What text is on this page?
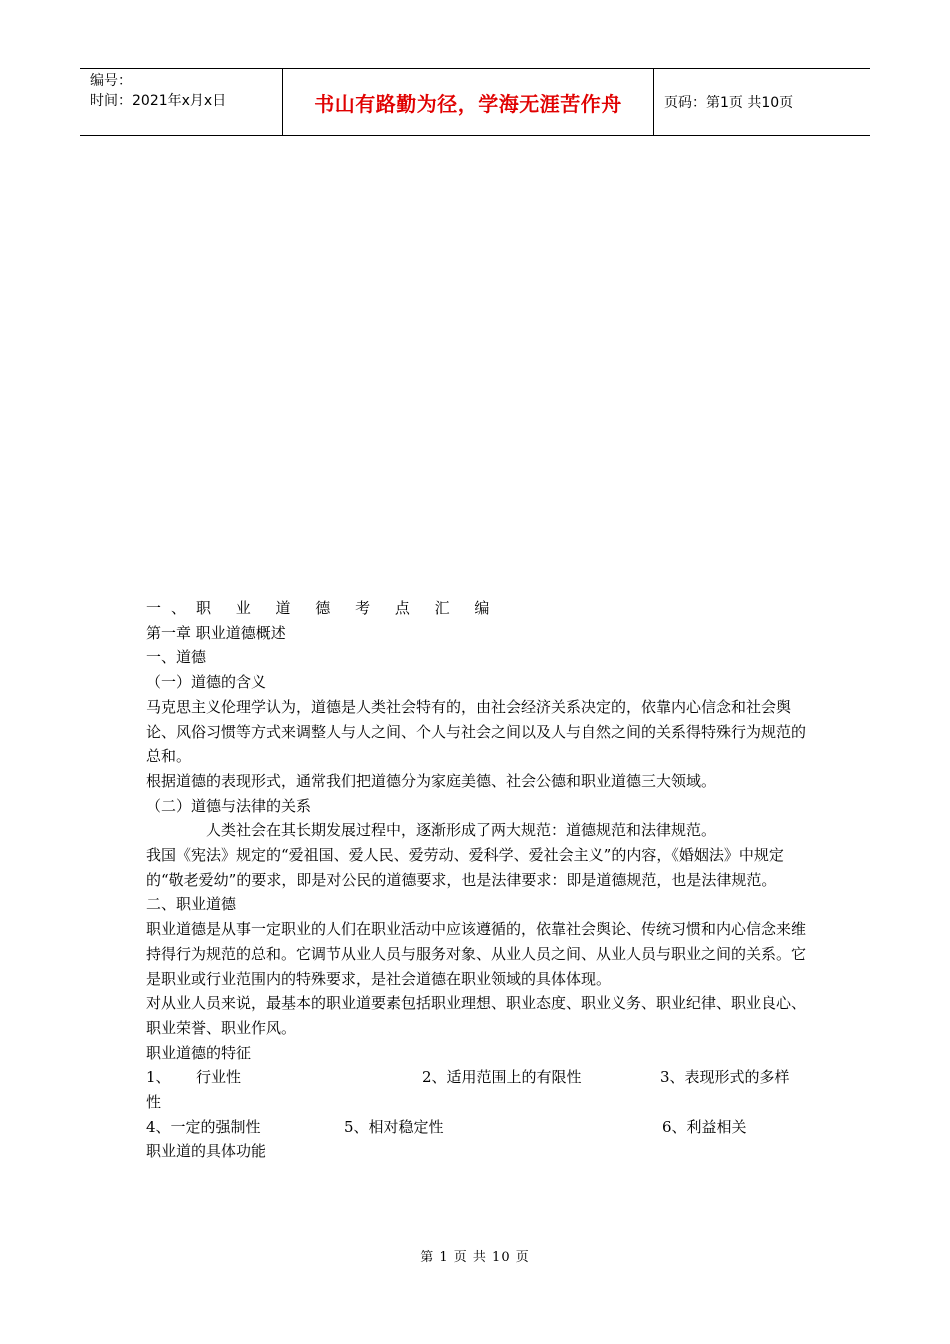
编号：
时间：2021年x月x日	书山有路勤为径，学海无涯苦作舟	页码：第1页 共10页

一、职 业 道 德 考 点 汇 编

第一章 职业道德概述

一、道德

（一）道德的含义

马克思主义伦理学认为，道德是人类社会特有的，由社会经济关系决定的，依靠内心信念和社会舆论、风俗习惯等方式来调整人与人之间、个人与社会之间以及人与自然之间的关系得特殊行为规范的总和。

根据道德的表现形式，通常我们把道德分为家庭美德、社会公德和职业道德三大领域。

（二）道德与法律的关系

人类社会在其长期发展过程中，逐渐形成了两大规范：道德规范和法律规范。

我国《宪法》规定的“爱祖国、爱人民、爱劳动、爱科学、爱社会主义”的内容，《婚姻法》中规定的“敬老爱幼”的要求，即是对公民的道德要求，也是法律要求：即是道德规范，也是法律规范。

二、职业道德

职业道德是从事一定职业的人们在职业活动中应该遵循的，依靠社会舆论、传统习惯和内心信念来维持得行为规范的总和。它调节从业人员与服务对象、从业人员之间、从业人员与职业之间的关系。它是职业或行业范围内的特殊要求，是社会道德在职业领域的具体体现。

对从业人员来说，最基本的职业道要素包括职业理想、职业态度、职业义务、职业纪律、职业良心、职业荣誉、职业作风。

职业道德的特征

1、 行业性	2、适用范围上的有限性	3、表现形式的多样
性
4、一定的强制性	5、相对稳定性	6、利益相关

职业道的具体功能

第 1 页 共 10 页
